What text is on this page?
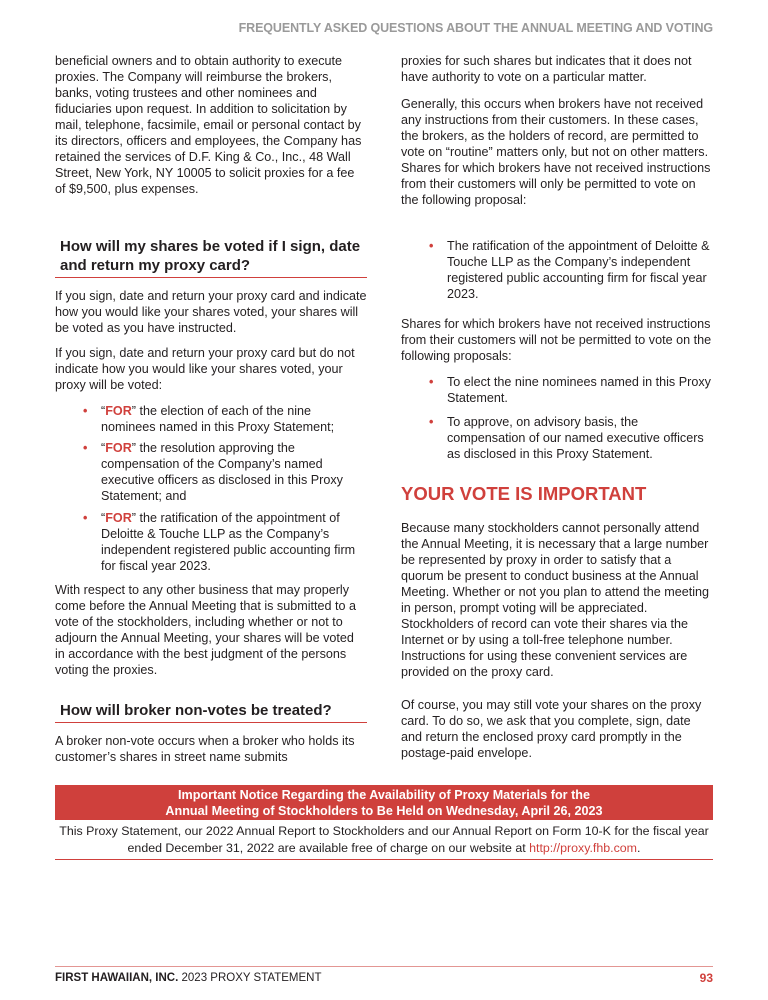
FREQUENTLY ASKED QUESTIONS ABOUT THE ANNUAL MEETING AND VOTING

beneficial owners and to obtain authority to execute proxies. The Company will reimburse the brokers, banks, voting trustees and other nominees and fiduciaries upon request. In addition to solicitation by mail, telephone, facsimile, email or personal contact by its directors, officers and employees, the Company has retained the services of D.F. King & Co., Inc., 48 Wall Street, New York, NY 10005 to solicit proxies for a fee of $9,500, plus expenses.

How will my shares be voted if I sign, date and return my proxy card?

If you sign, date and return your proxy card and indicate how you would like your shares voted, your shares will be voted as you have instructed.

If you sign, date and return your proxy card but do not indicate how you would like your shares voted, your proxy will be voted:

• “FOR” the election of each of the nine nominees named in this Proxy Statement;
• “FOR” the resolution approving the compensation of the Company’s named executive officers as disclosed in this Proxy Statement; and
• “FOR” the ratification of the appointment of Deloitte & Touche LLP as the Company’s independent registered public accounting firm for fiscal year 2023.

With respect to any other business that may properly come before the Annual Meeting that is submitted to a vote of the stockholders, including whether or not to adjourn the Annual Meeting, your shares will be voted in accordance with the best judgment of the persons voting the proxies.

How will broker non-votes be treated?

A broker non-vote occurs when a broker who holds its customer’s shares in street name submits

proxies for such shares but indicates that it does not have authority to vote on a particular matter.

Generally, this occurs when brokers have not received any instructions from their customers. In these cases, the brokers, as the holders of record, are permitted to vote on “routine” matters only, but not on other matters. Shares for which brokers have not received instructions from their customers will only be permitted to vote on the following proposal:

• The ratification of the appointment of Deloitte & Touche LLP as the Company’s independent registered public accounting firm for fiscal year 2023.

Shares for which brokers have not received instructions from their customers will not be permitted to vote on the following proposals:

• To elect the nine nominees named in this Proxy Statement.
• To approve, on advisory basis, the compensation of our named executive officers as disclosed in this Proxy Statement.
YOUR VOTE IS IMPORTANT

Because many stockholders cannot personally attend the Annual Meeting, it is necessary that a large number be represented by proxy in order to satisfy that a quorum be present to conduct business at the Annual Meeting. Whether or not you plan to attend the meeting in person, prompt voting will be appreciated. Stockholders of record can vote their shares via the Internet or by using a toll-free telephone number. Instructions for using these convenient services are provided on the proxy card.

Of course, you may still vote your shares on the proxy card. To do so, we ask that you complete, sign, date and return the enclosed proxy card promptly in the postage-paid envelope.

Important Notice Regarding the Availability of Proxy Materials for the
Annual Meeting of Stockholders to Be Held on Wednesday, April 26, 2023
This Proxy Statement, our 2022 Annual Report to Stockholders and our Annual Report on Form 10-K for the fiscal year ended December 31, 2022 are available free of charge on our website at http://proxy.fhb.com.
FIRST HAWAIIAN, INC. 2023 PROXY STATEMENT	93
